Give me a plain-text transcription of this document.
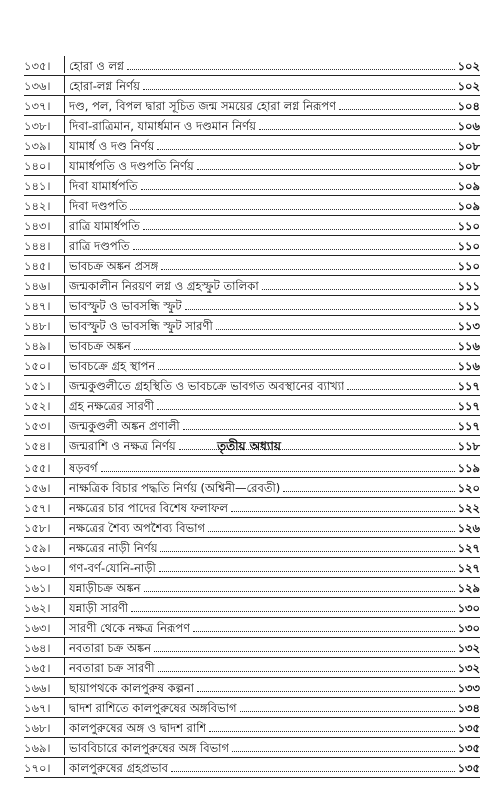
১৩৫।	হোরা ও লগ্ন	১০২
১৩৬।	হোরা-লগ্ন নির্ণয়	১০২
১৩৭।	দণ্ড, পল, বিপল দ্বারা সূচিত জন্ম সময়ের হোরা লগ্ন নিরূপণ	১০৪
১৩৮।	দিবা-রাত্রিমান, যামার্ধমান ও দণ্ডমান নির্ণয়	১০৬
১৩৯।	যামার্ধ ও দণ্ড নির্ণয়	১০৮
১৪০।	যামার্ধপতি ও দণ্ডপতি নির্ণয়	১০৮
১৪১।	দিবা যামার্ধপতি	১০৯
১৪২।	দিবা দণ্ডপতি	১০৯
১৪৩।	রাত্রি যামার্ধপতি	১১০
১৪৪।	রাত্রি দণ্ডপতি	১১০
১৪৫।	ভাবচক্র অঙ্কন প্রসঙ্গ	১১০
১৪৬।	জন্মকালীন নিরয়ণ লগ্ন ও গ্রহস্ফুট তালিকা	১১১
১৪৭।	ভাবস্ফুট ও ভাবসন্ধি স্ফুট	১১১
১৪৮।	ভাবস্ফুট ও ভাবসন্ধি স্ফুট সারণী	১১৩
১৪৯।	ভাবচক্র অঙ্কন	১১৬
১৫০।	ভাবচক্রে গ্রহ স্থাপন	১১৬
১৫১।	জন্মকুণ্ডলীতে গ্রহস্থিতি ও ভাবচক্রে ভাবগত অবস্থানের ব্যাখ্যা	১১৭
১৫২।	গ্রহ নক্ষত্রের সারণী	১১৭
১৫৩।	জন্মকুণ্ডলী অঙ্কন প্রণালী	১১৭
১৫৪।	জন্মরাশি ও নক্ষত্র নির্ণয়	১১৮
তৃতীয় অধ্যায়
১৫৫।	ষড়বর্গ	১১৯
১৫৬।	নাক্ষত্রিক বিচার পদ্ধতি নির্ণয় (অশ্বিনী—রেবতী)	১২০
১৫৭।	নক্ষত্রের চার পাদের বিশেষ ফলাফল	১২২
১৫৮।	নক্ষত্রের শৈব্য অপশৈব্য বিভাগ	১২৬
১৫৯।	নক্ষত্রের নাড়ী নির্ণয়	১২৭
১৬০।	গণ-বর্ণ-যোনি-নাড়ী	১২৭
১৬১।	যন্নাড়ীচক্র অঙ্কন	১২৯
১৬২।	যন্নাড়ী সারণী	১৩০
১৬৩।	সারণী থেকে নক্ষত্র নিরূপণ	১৩০
১৬৪।	নবতারা চক্র অঙ্কন	১৩২
১৬৫।	নবতারা চক্র সারণী	১৩২
১৬৬।	ছায়াপথকে কালপুরুষ কল্পনা	১৩৩
১৬৭।	দ্বাদশ রাশিতে কালপুরুষের অঙ্গবিভাগ	১৩৪
১৬৮।	কালপুরুষের অঙ্গ ও দ্বাদশ রাশি	১৩৫
১৬৯।	ভাববিচারে কালপুরুষের অঙ্গ বিভাগ	১৩৫
১৭০।	কালপুরুষের গ্রহপ্রভাব	১৩৫
